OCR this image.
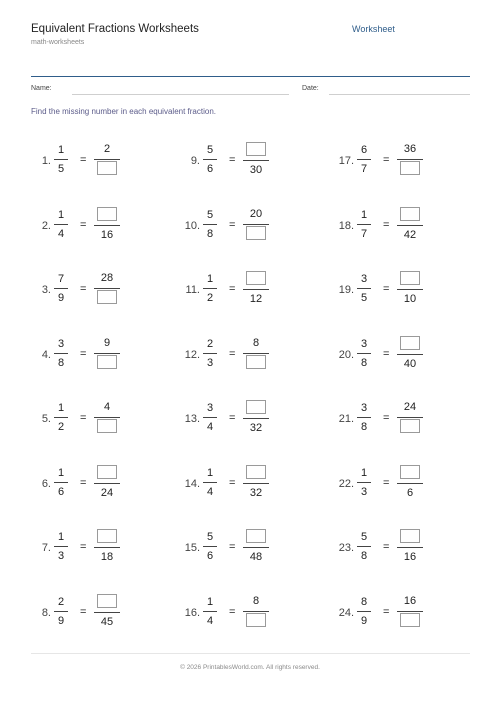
Equivalent Fractions Worksheets
math-worksheets
Worksheet
Name:	Date:
Find the missing number in each equivalent fraction.
1.
1
5
=
2
2.
1
4
=
16
3.
7
9
=
28
4.
3
8
=
9
5.
1
2
=
4
6.
1
6
=
24
7.
1
3
=
18
8.
2
9
=
45
9.
5
6
=
30
10.
5
8
=
20
11.
1
2
=
12
12.
2
3
=
8
13.
3
4
=
32
14.
1
4
=
32
15.
5
6
=
48
16.
1
4
=
8
17.
6
7
=
36
18.
1
7
=
42
19.
3
5
=
10
20.
3
8
=
40
21.
3
8
=
24
22.
1
3
=
6
23.
5
8
=
16
24.
8
9
=
16
© 2026 PrintablesWorld.com. All rights reserved.
